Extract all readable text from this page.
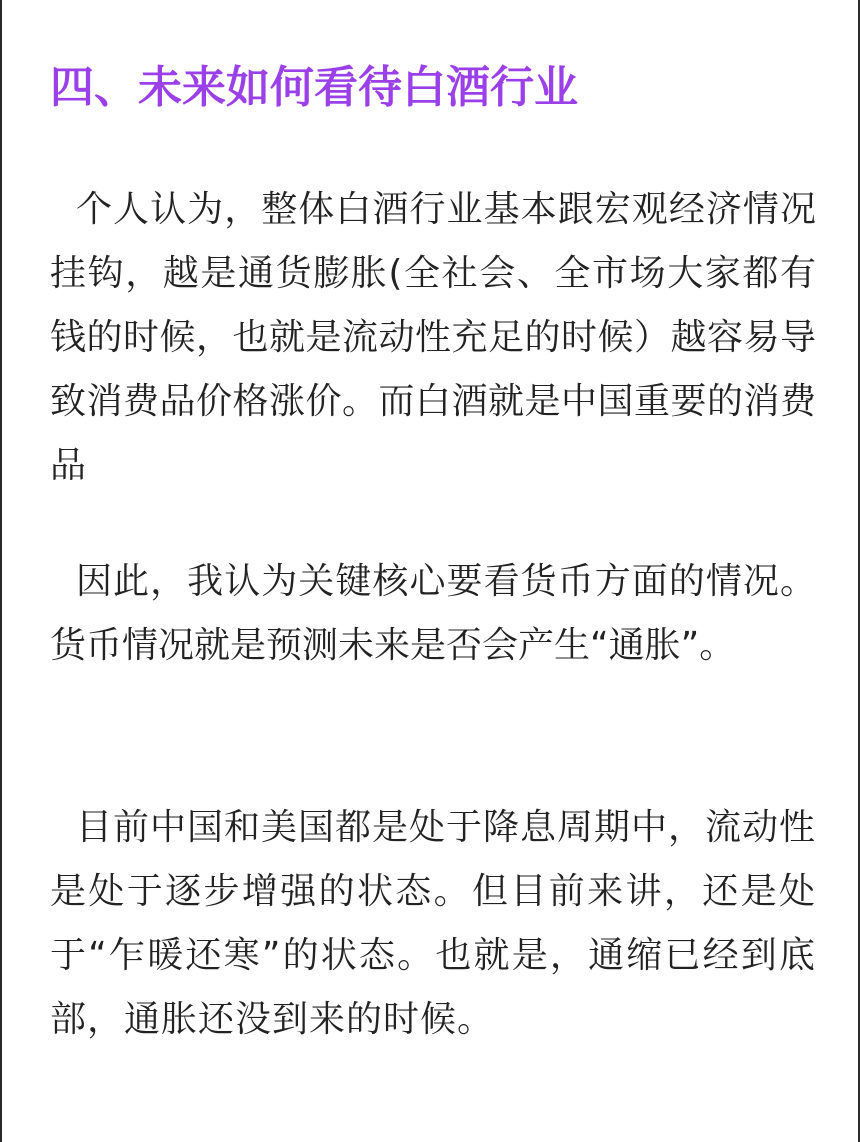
四、未来如何看待白酒行业

个人认为，整体白酒行业基本跟宏观经济情况挂钩，越是通货膨胀(全社会、全市场大家都有钱的时候，也就是流动性充足的时候）越容易导致消费品价格涨价。而白酒就是中国重要的消费品

因此，我认为关键核心要看货币方面的情况。货币情况就是预测未来是否会产生“通胀”。

目前中国和美国都是处于降息周期中，流动性是处于逐步增强的状态。但目前来讲，还是处于“乍暖还寒”的状态。也就是，通缩已经到底部，通胀还没到来的时候。
